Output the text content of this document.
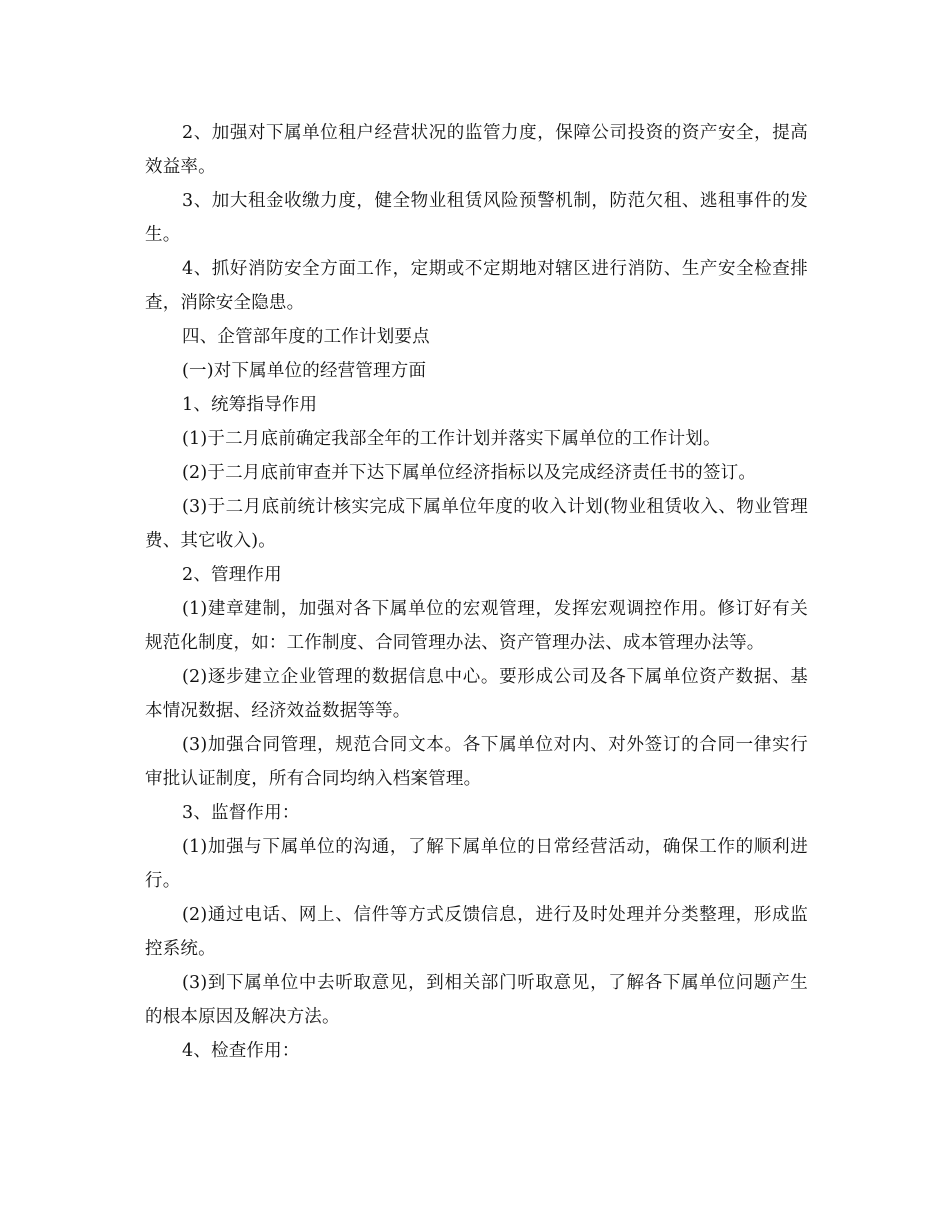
2、加强对下属单位租户经营状况的监管力度，保障公司投资的资产安全，提高效益率。

3、加大租金收缴力度，健全物业租赁风险预警机制，防范欠租、逃租事件的发生。

4、抓好消防安全方面工作，定期或不定期地对辖区进行消防、生产安全检查排查，消除安全隐患。

四、企管部年度的工作计划要点

(一)对下属单位的经营管理方面

1、统筹指导作用

(1)于二月底前确定我部全年的工作计划并落实下属单位的工作计划。

(2)于二月底前审查并下达下属单位经济指标以及完成经济责任书的签订。

(3)于二月底前统计核实完成下属单位年度的收入计划(物业租赁收入、物业管理费、其它收入)。

2、管理作用

(1)建章建制，加强对各下属单位的宏观管理，发挥宏观调控作用。修订好有关规范化制度，如：工作制度、合同管理办法、资产管理办法、成本管理办法等。

(2)逐步建立企业管理的数据信息中心。要形成公司及各下属单位资产数据、基本情况数据、经济效益数据等等。

(3)加强合同管理，规范合同文本。各下属单位对内、对外签订的合同一律实行审批认证制度，所有合同均纳入档案管理。

3、监督作用：

(1)加强与下属单位的沟通，了解下属单位的日常经营活动，确保工作的顺利进行。

(2)通过电话、网上、信件等方式反馈信息，进行及时处理并分类整理，形成监控系统。

(3)到下属单位中去听取意见，到相关部门听取意见，了解各下属单位问题产生的根本原因及解决方法。

4、检查作用：
